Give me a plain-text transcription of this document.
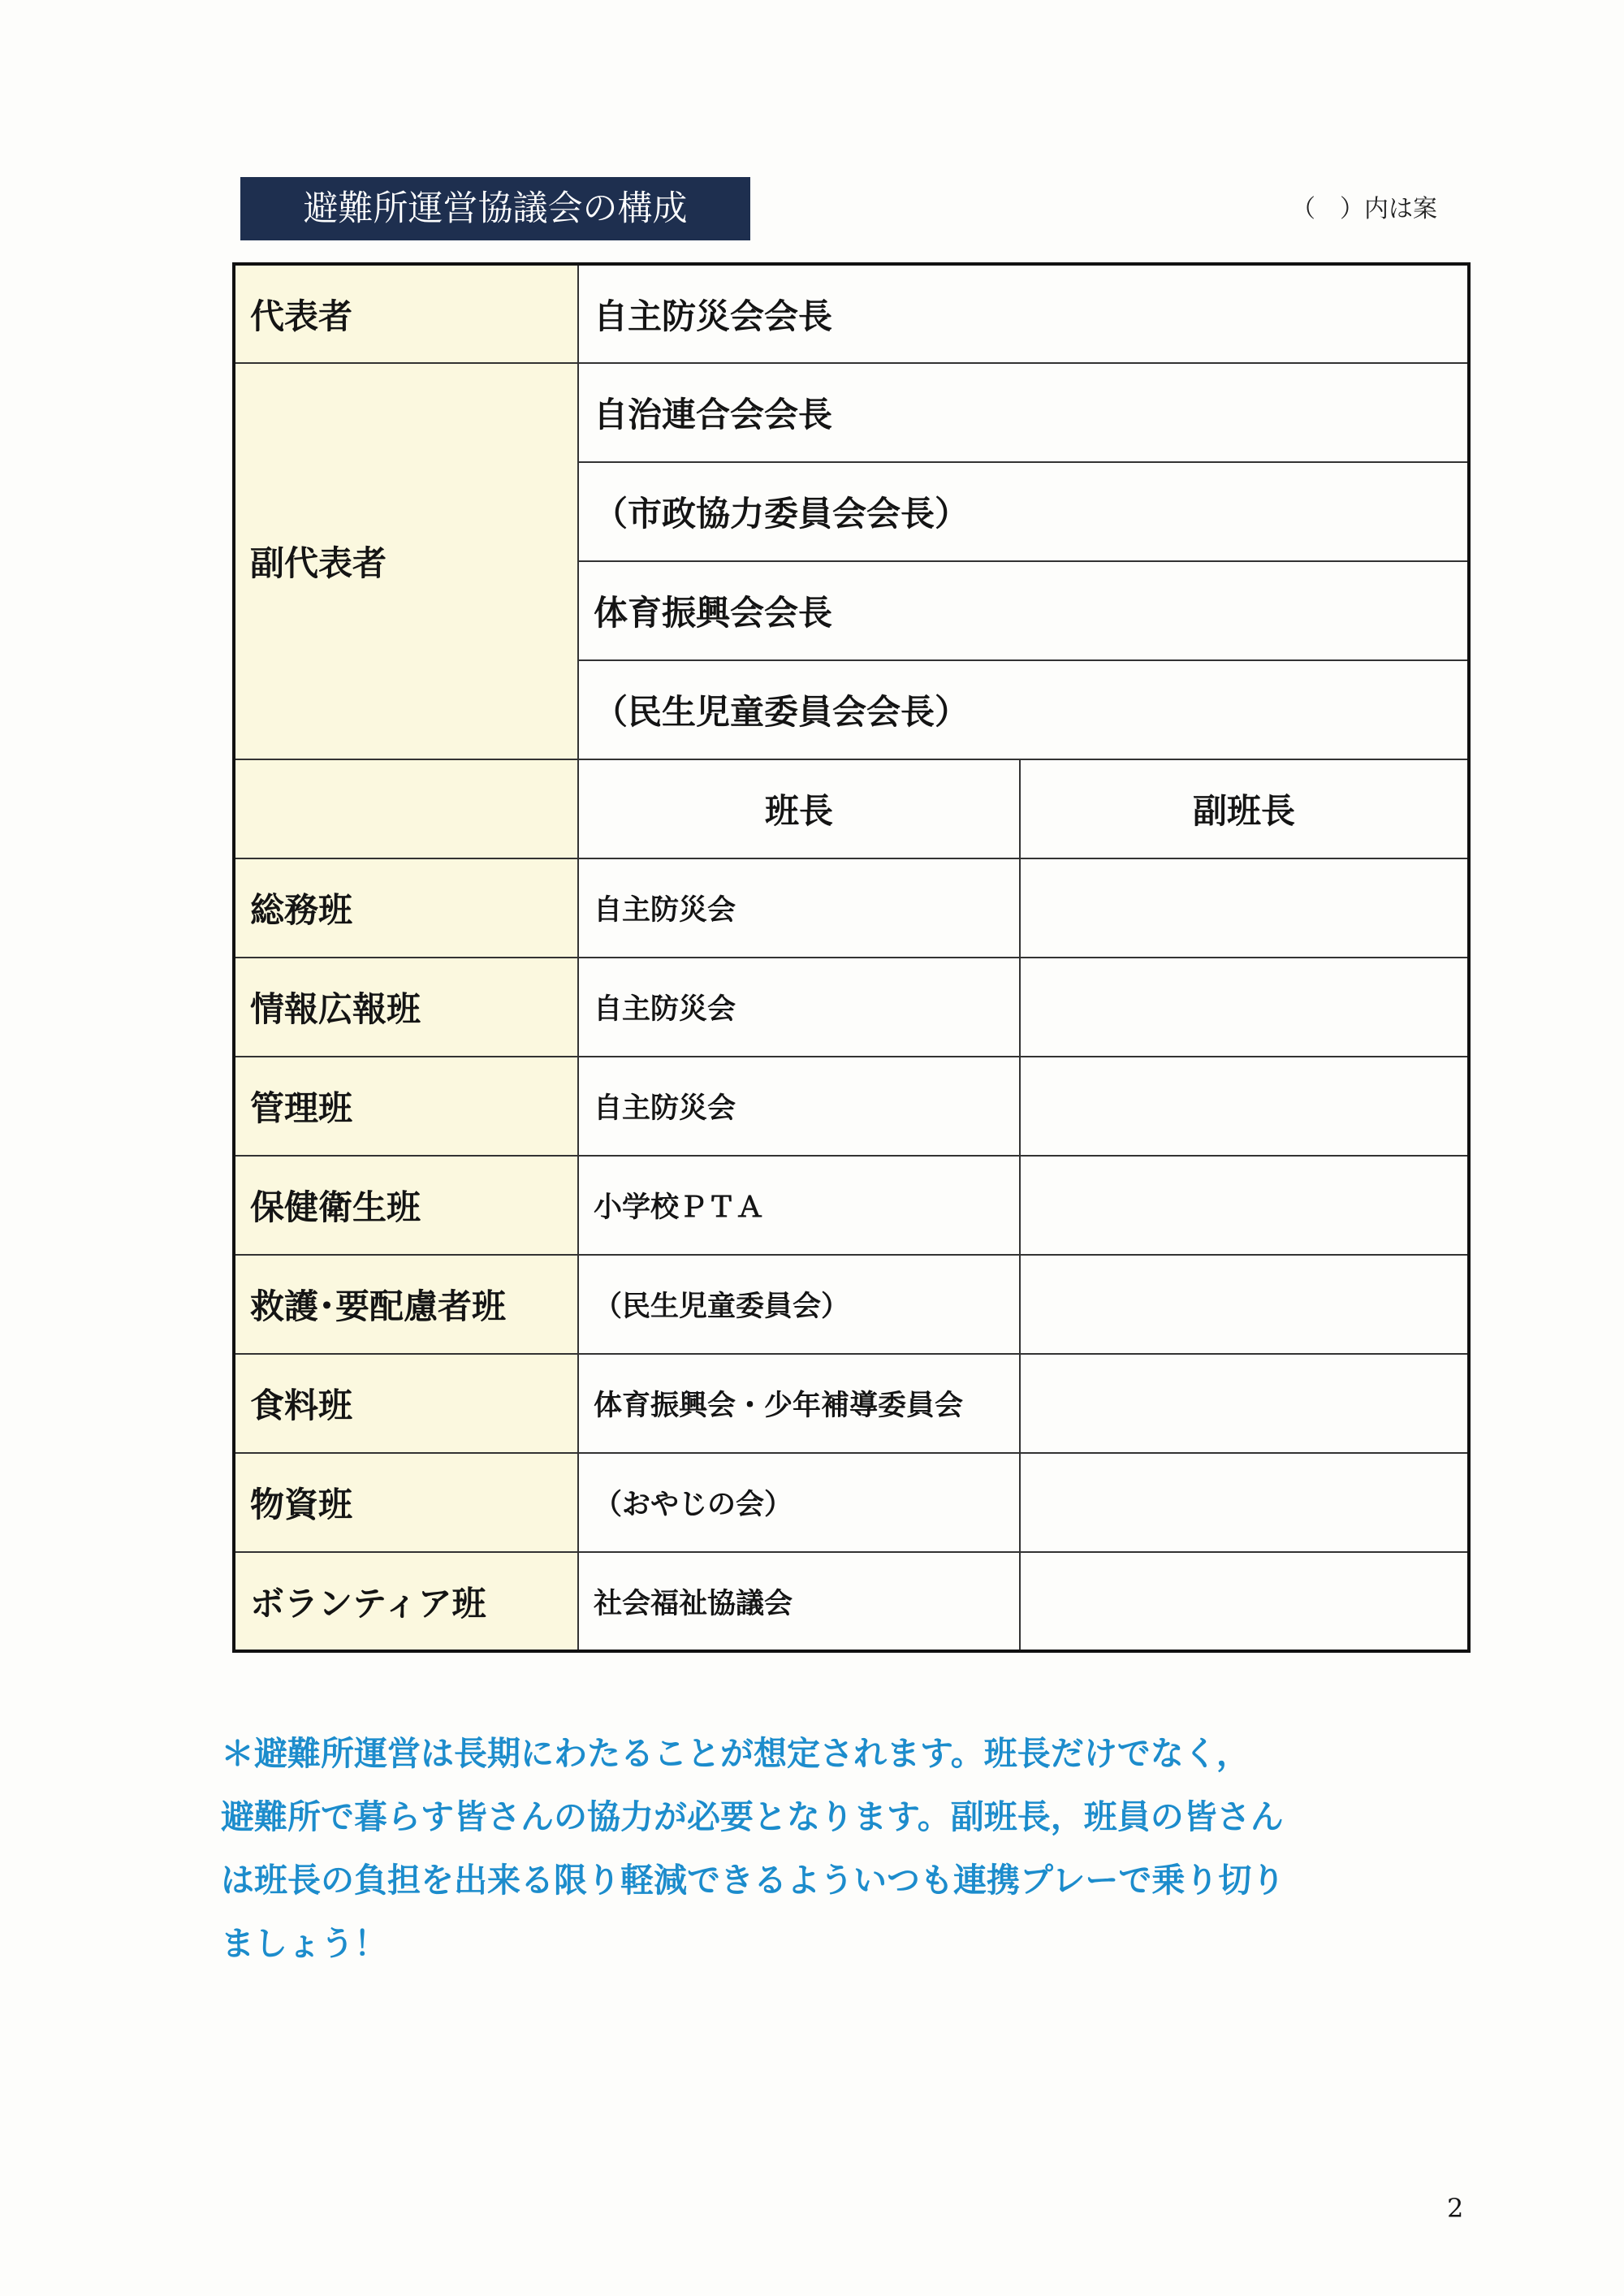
避難所運営協議会の構成	（　）内は案
代表者	自主防災会会長	
副代表者	自治連合会会長	
	（市政協力委員会会長）	
	体育振興会会長	
	（民生児童委員会会長）	
	班長	副班長
総務班	自主防災会	
情報広報班	自主防災会	
管理班	自主防災会	
保健衛生班	小学校ＰＴＡ	
救護･要配慮者班	（民生児童委員会）	
食料班	体育振興会・少年補導委員会	
物資班	（おやじの会）	
ボランティア班	社会福祉協議会	
＊避難所運営は長期にわたることが想定されます。班長だけでなく，
避難所で暮らす皆さんの協力が必要となります。副班長，班員の皆さん
は班長の負担を出来る限り軽減できるよういつも連携プレーで乗り切り
ましょう！
2
